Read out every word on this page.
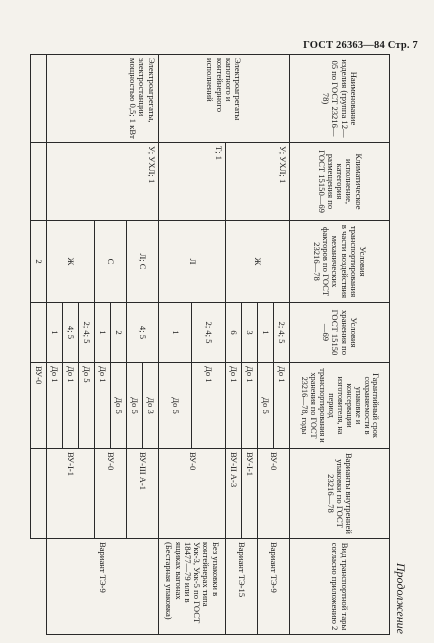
ГОСТ 26363—84 Стр. 7
Продолжение
Наименование изделия (группа 12—05 по ГОСТ 23216—78)	Климатическое исполнение, категория размещения по ГОСТ 15150—69	Условия транспортирования в части воздействия механических факторов по ГОСТ 23216—78	Условия хранения по ГОСТ 15150—69	Гарантийный срок сохраняемости в упаковке и консервации изготовителя, на период транспортирования и хранения по ГОСТ 23216—78, годы	Варианты внутренней упаковки по ГОСТ 23216—78	Вид транспортной тары согласно приложению 2
Электроагрегаты капотного и контейнерного исполнений	У; УХЛ; 1	Ж	2; 4; 5	До 1	ВУ-0	Вариант ТЭ-9
			1	До 5		
			3	До 1	ВУ-I-1	Вариант ТЭ-15
			6	До 1	ВУ-II А-3	
	Т; 1	Л	2; 4; 5	До 1	ВУ-0	Без упаковки в контейнерах типа Укк-3, Укк-5 по ГОСТ 18477—79 или в ящиках вагонах (Бестарная упаковка)
			1	До 5		
Электроагрегаты, электростанции мощностью 0,5; 1 кВт	У; УХЛ; 1	Л; С	4; 5	До 3	ВУ-III А-1	Вариант ТЭ-9
				До 5		
		С	2	До 5	ВУ-0	
			1	До 1		
		Ж	2; 4; 5	До 5	ВУ-I-1	
			4; 5	До 1		
			1	До 1		
		2		ВУ-0		
